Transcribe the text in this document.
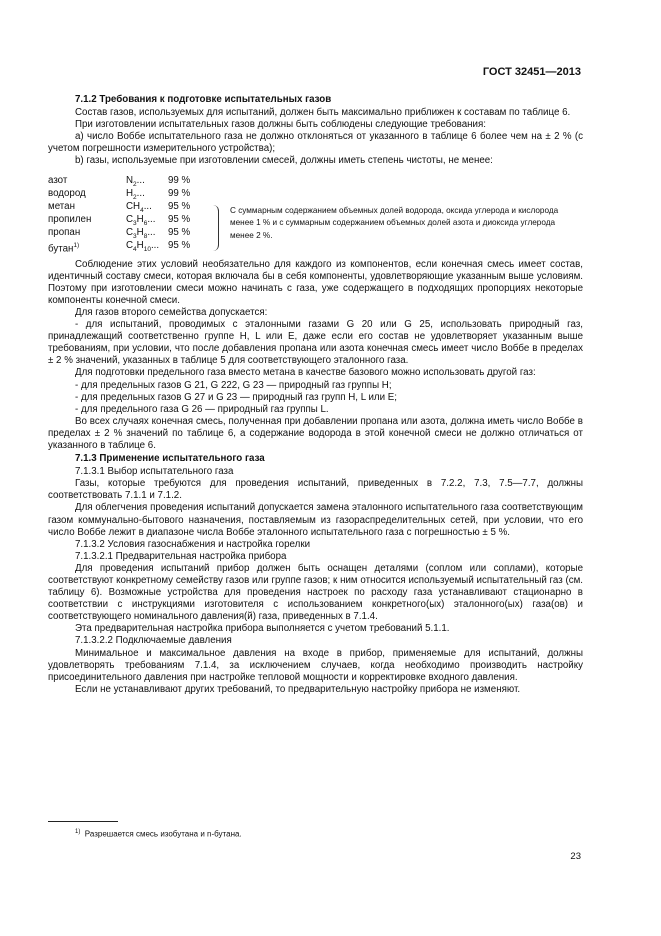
ГОСТ 32451—2013

7.1.2 Требования к подготовке испытательных газов

Состав газов, используемых для испытаний, должен быть максимально приближен к составам по таблице 6.

При изготовлении испытательных газов должны быть соблюдены следующие требования:

а) число Воббе испытательного газа не должно отклоняться от указанного в таблице 6 более чем на ± 2 % (с учетом погрешности измерительного устройства);

b) газы, используемые при изготовлении смесей, должны иметь степень чистоты, не менее:

С суммарным содержанием объемных долей водорода, оксида углерода и кислорода менее 1 % и с суммарным содержанием объемных долей азота и диоксида углерода менее 2 %.
азот	$N_2$... 99 %
водород	$H_2$... 99 %
метан	$CH_4$... 95 %
пропилен	$C_3H_6$... 95 %
пропан	$C_3H_8$... 95 %
бутан$^{1)}$	$C_4H_{10}$... 95 %

Соблюдение этих условий необязательно для каждого из компонентов, если конечная смесь имеет состав, идентичный составу смеси, которая включала бы в себя компоненты, удовлетворяющие указанным выше условиям. Поэтому при изготовлении смеси можно начинать с газа, уже содержащего в подходящих пропорциях некоторые компоненты конечной смеси.

Для газов второго семейства допускается:

- для испытаний, проводимых с эталонными газами G 20 или G 25, использовать природный газ, принадлежащий соответственно группе H, L или E, даже если его состав не удовлетворяет указанным выше требованиям, при условии, что после добавления пропана или азота конечная смесь имеет число Воббе в пределах ± 2 % значений, указанных в таблице 5 для соответствующего эталонного газа.

Для подготовки предельного газа вместо метана в качестве базового можно использовать другой газ:

- для предельных газов G 21, G 222, G 23 — природный газ группы H;

- для предельных газов G 27 и G 23 — природный газ групп H, L или E;

- для предельного газа G 26 — природный газ группы L.

Во всех случаях конечная смесь, полученная при добавлении пропана или азота, должна иметь число Воббе в пределах ± 2 % значений по таблице 6, а содержание водорода в этой конечной смеси не должно отличаться от указанного в таблице 6.

7.1.3 Применение испытательного газа

7.1.3.1 Выбор испытательного газа

Газы, которые требуются для проведения испытаний, приведенных в 7.2.2, 7.3, 7.5—7.7, должны соответствовать 7.1.1 и 7.1.2.

Для облегчения проведения испытаний допускается замена эталонного испытательного газа соответствующим газом коммунально-бытового назначения, поставляемым из газораспределительных сетей, при условии, что его число Воббе лежит в диапазоне числа Воббе эталонного испытательного газа с погрешностью ± 5 %.

7.1.3.2 Условия газоснабжения и настройка горелки

7.1.3.2.1 Предварительная настройка прибора

Для проведения испытаний прибор должен быть оснащен деталями (соплом или соплами), которые соответствуют конкретному семейству газов или группе газов; к ним относится используемый испытательный газ (см. таблицу 6). Возможные устройства для проведения настроек по расходу газа устанавливают стационарно в соответствии с инструкциями изготовителя с использованием конкретного(ых) эталонного(ых) газа(ов) и соответствующего номинального давления(й) газа, приведенных в 7.1.4.

Эта предварительная настройка прибора выполняется с учетом требований 5.1.1.

7.1.3.2.2 Подключаемые давления

Минимальное и максимальное давления на входе в прибор, применяемые для испытаний, должны удовлетворять требованиям 7.1.4, за исключением случаев, когда необходимо производить настройку присоединительного давления при настройке тепловой мощности и корректировке входного давления.

Если не устанавливают других требований, то предварительную настройку прибора не изменяют.

$^{1)}$ Разрешается смесь изобутана и n-бутана.
23
